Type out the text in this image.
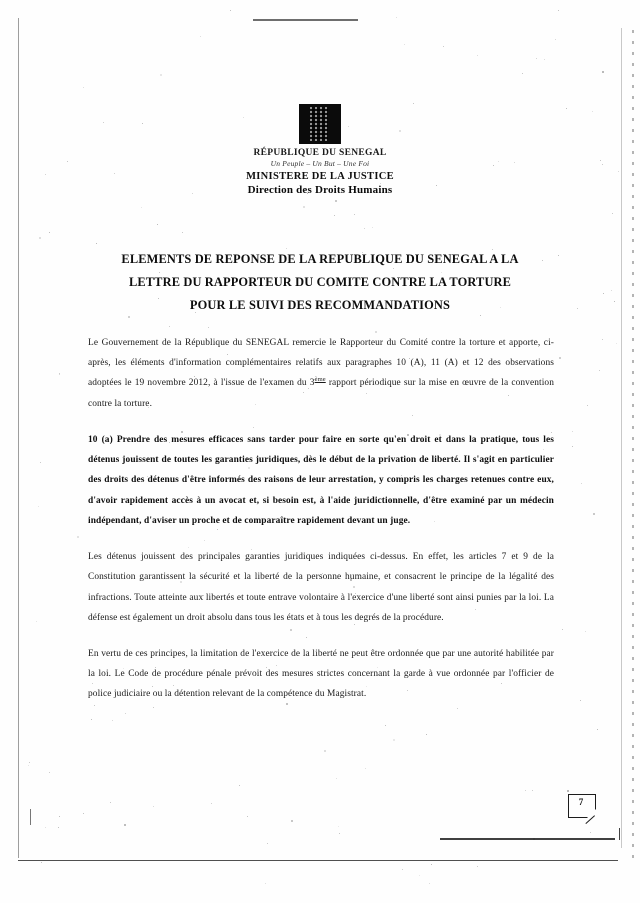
RÉPUBLIQUE DU SENEGAL
Un Peuple – Un But – Une Foi
MINISTERE DE LA JUSTICE
Direction des Droits Humains
ELEMENTS DE REPONSE DE LA REPUBLIQUE DU SENEGAL A LA
LETTRE DU RAPPORTEUR DU COMITE CONTRE LA TORTURE
POUR LE SUIVI DES RECOMMANDATIONS

Le Gouvernement de la République du SENEGAL remercie le Rapporteur du Comité contre la torture et apporte, ci-après, les éléments d'information complémentaires relatifs aux paragraphes 10 (A), 11 (A) et 12 des observations adoptées le 19 novembre 2012, à l'issue de l'examen du 3ème rapport périodique sur la mise en œuvre de la convention contre la torture.

10 (a) Prendre des mesures efficaces sans tarder pour faire en sorte qu'en droit et dans la pratique, tous les détenus jouissent de toutes les garanties juridiques, dès le début de la privation de liberté. Il s'agit en particulier des droits des détenus d'être informés des raisons de leur arrestation, y compris les charges retenues contre eux, d'avoir rapidement accès à un avocat et, si besoin est, à l'aide juridictionnelle, d'être examiné par un médecin indépendant, d'aviser un proche et de comparaître rapidement devant un juge.

Les détenus jouissent des principales garanties juridiques indiquées ci-dessus. En effet, les articles 7 et 9 de la Constitution garantissent la sécurité et la liberté de la personne humaine, et consacrent le principe de la légalité des infractions. Toute atteinte aux libertés et toute entrave volontaire à l'exercice d'une liberté sont ainsi punies par la loi. La défense est également un droit absolu dans tous les états et à tous les degrés de la procédure.

En vertu de ces principes, la limitation de l'exercice de la liberté ne peut être ordonnée que par une autorité habilitée par la loi. Le Code de procédure pénale prévoit des mesures strictes concernant la garde à vue ordonnée par l'officier de police judiciaire ou la détention relevant de la compétence du Magistrat.

7
